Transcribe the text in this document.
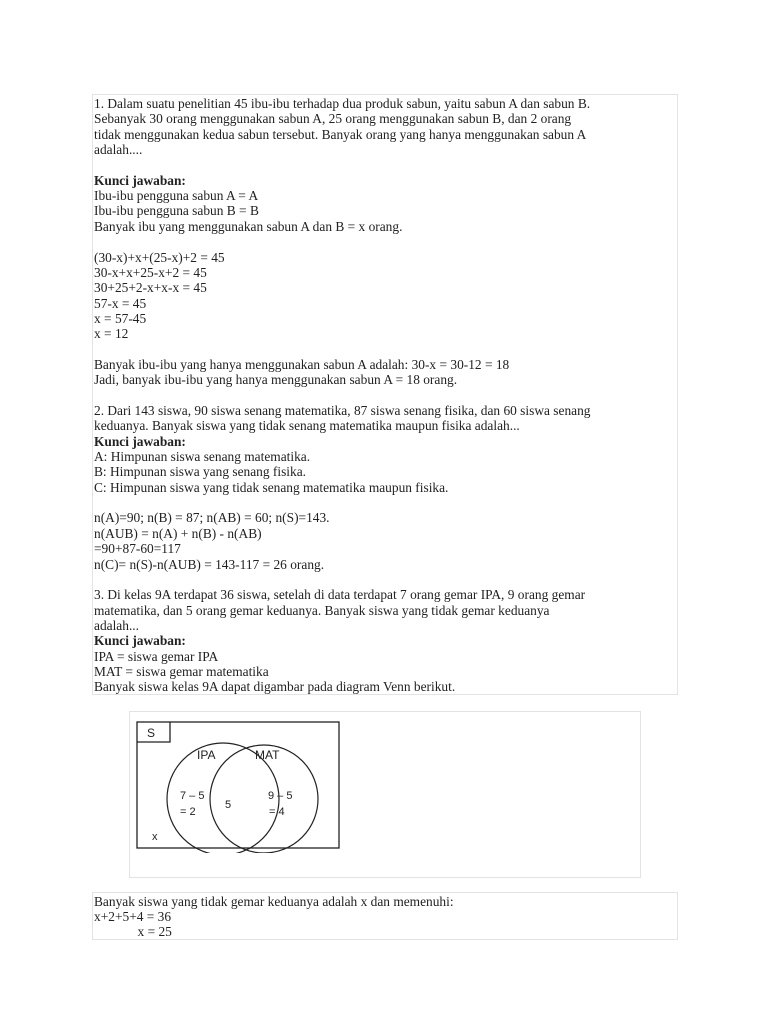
1. Dalam suatu penelitian 45 ibu-ibu terhadap dua produk sabun, yaitu sabun A dan sabun B.
Sebanyak 30 orang menggunakan sabun A, 25 orang menggunakan sabun B, dan 2 orang
tidak menggunakan kedua sabun tersebut. Banyak orang yang hanya menggunakan sabun A
adalah....
Kunci jawaban:
Ibu-ibu pengguna sabun A = A
Ibu-ibu pengguna sabun B = B
Banyak ibu yang menggunakan sabun A dan B = x orang.
(30-x)+x+(25-x)+2 = 45
30-x+x+25-x+2 = 45
30+25+2-x+x-x = 45
57-x = 45
x = 57-45
x = 12
Banyak ibu-ibu yang hanya menggunakan sabun A adalah: 30-x = 30-12 = 18
Jadi, banyak ibu-ibu yang hanya menggunakan sabun A = 18 orang.
2. Dari 143 siswa, 90 siswa senang matematika, 87 siswa senang fisika, dan 60 siswa senang
keduanya. Banyak siswa yang tidak senang matematika maupun fisika adalah...
Kunci jawaban:
A: Himpunan siswa senang matematika.
B: Himpunan siswa yang senang fisika.
C: Himpunan siswa yang tidak senang matematika maupun fisika.
n(A)=90; n(B) = 87; n(AB) = 60; n(S)=143.
n(AUB) = n(A) + n(B) - n(AB)
=90+87-60=117
n(C)= n(S)-n(AUB) = 143-117 = 26 orang.
3. Di kelas 9A terdapat 36 siswa, setelah di data terdapat 7 orang gemar IPA, 9 orang gemar
matematika, dan 5 orang gemar keduanya. Banyak siswa yang tidak gemar keduanya
adalah...
Kunci jawaban:
IPA = siswa gemar IPA
MAT = siswa gemar matematika
Banyak siswa kelas 9A dapat digambar pada diagram Venn berikut.
S
IPA	MAT
7 – 5
= 2
5
9 – 5
= 4
x
Banyak siswa yang tidak gemar keduanya adalah x dan memenuhi:
x+2+5+4 = 36
x = 25
